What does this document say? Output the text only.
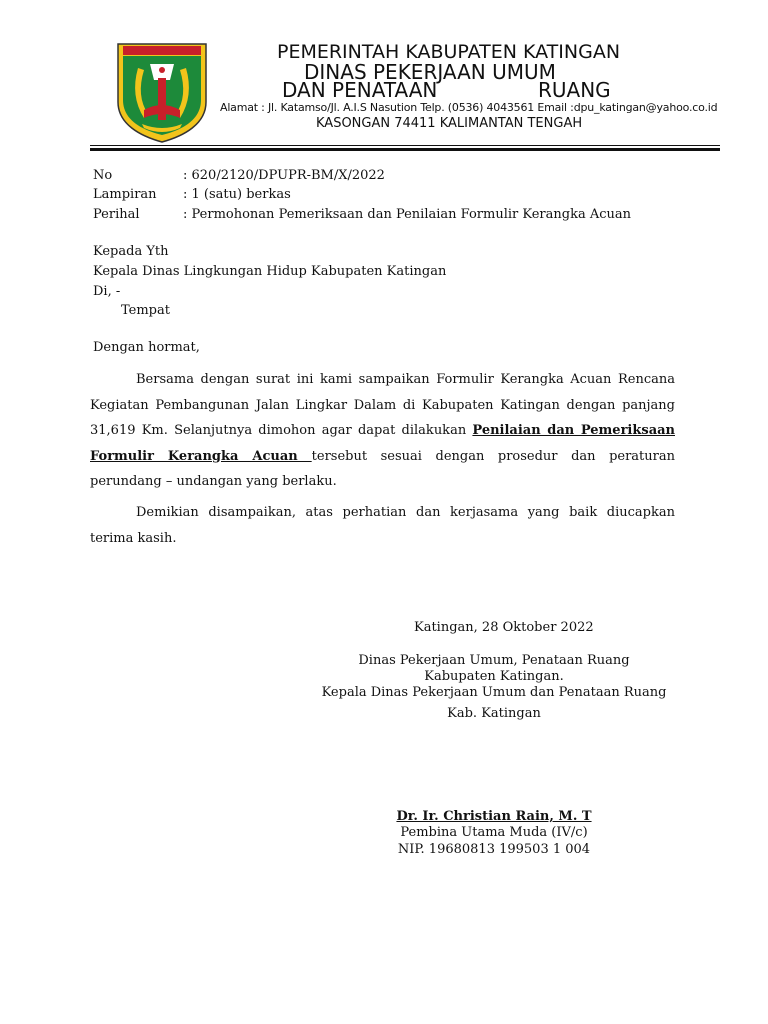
PEMERINTAH KABUPATEN KATINGAN
DINAS PEKERJAAN UMUM
DAN PENATAAN	RUANG
Alamat : Jl. Katamso/Jl. A.I.S Nasution Telp. (0536) 4043561 Email :dpu_katingan@yahoo.co.id
KASONGAN 74411 KALIMANTAN TENGAH
No	: 620/2120/DPUPR-BM/X/2022
Lampiran : 1 (satu) berkas
Perihal	: Permohonan Pemeriksaan dan Penilaian Formulir Kerangka Acuan
Kepada Yth
Kepala Dinas Lingkungan Hidup Kabupaten Katingan
Di, -
Tempat
Dengan hormat,

Bersama dengan surat ini kami sampaikan Formulir Kerangka Acuan Rencana Kegiatan Pembangunan Jalan Lingkar Dalam di Kabupaten Katingan dengan panjang 31,619 Km. Selanjutnya dimohon agar dapat dilakukan Penilaian dan Pemeriksaan Formulir Kerangka Acuan tersebut sesuai dengan prosedur dan peraturan perundang – undangan yang berlaku.

Demikian disampaikan, atas perhatian dan kerjasama yang baik diucapkan terima kasih.

Katingan, 28 Oktober 2022
Dinas Pekerjaan Umum, Penataan Ruang
Kabupaten Katingan.
Kepala Dinas Pekerjaan Umum dan Penataan Ruang
Kab. Katingan
Dr. Ir. Christian Rain, M. T
Pembina Utama Muda (IV/c)
NIP. 19680813 199503 1 004
